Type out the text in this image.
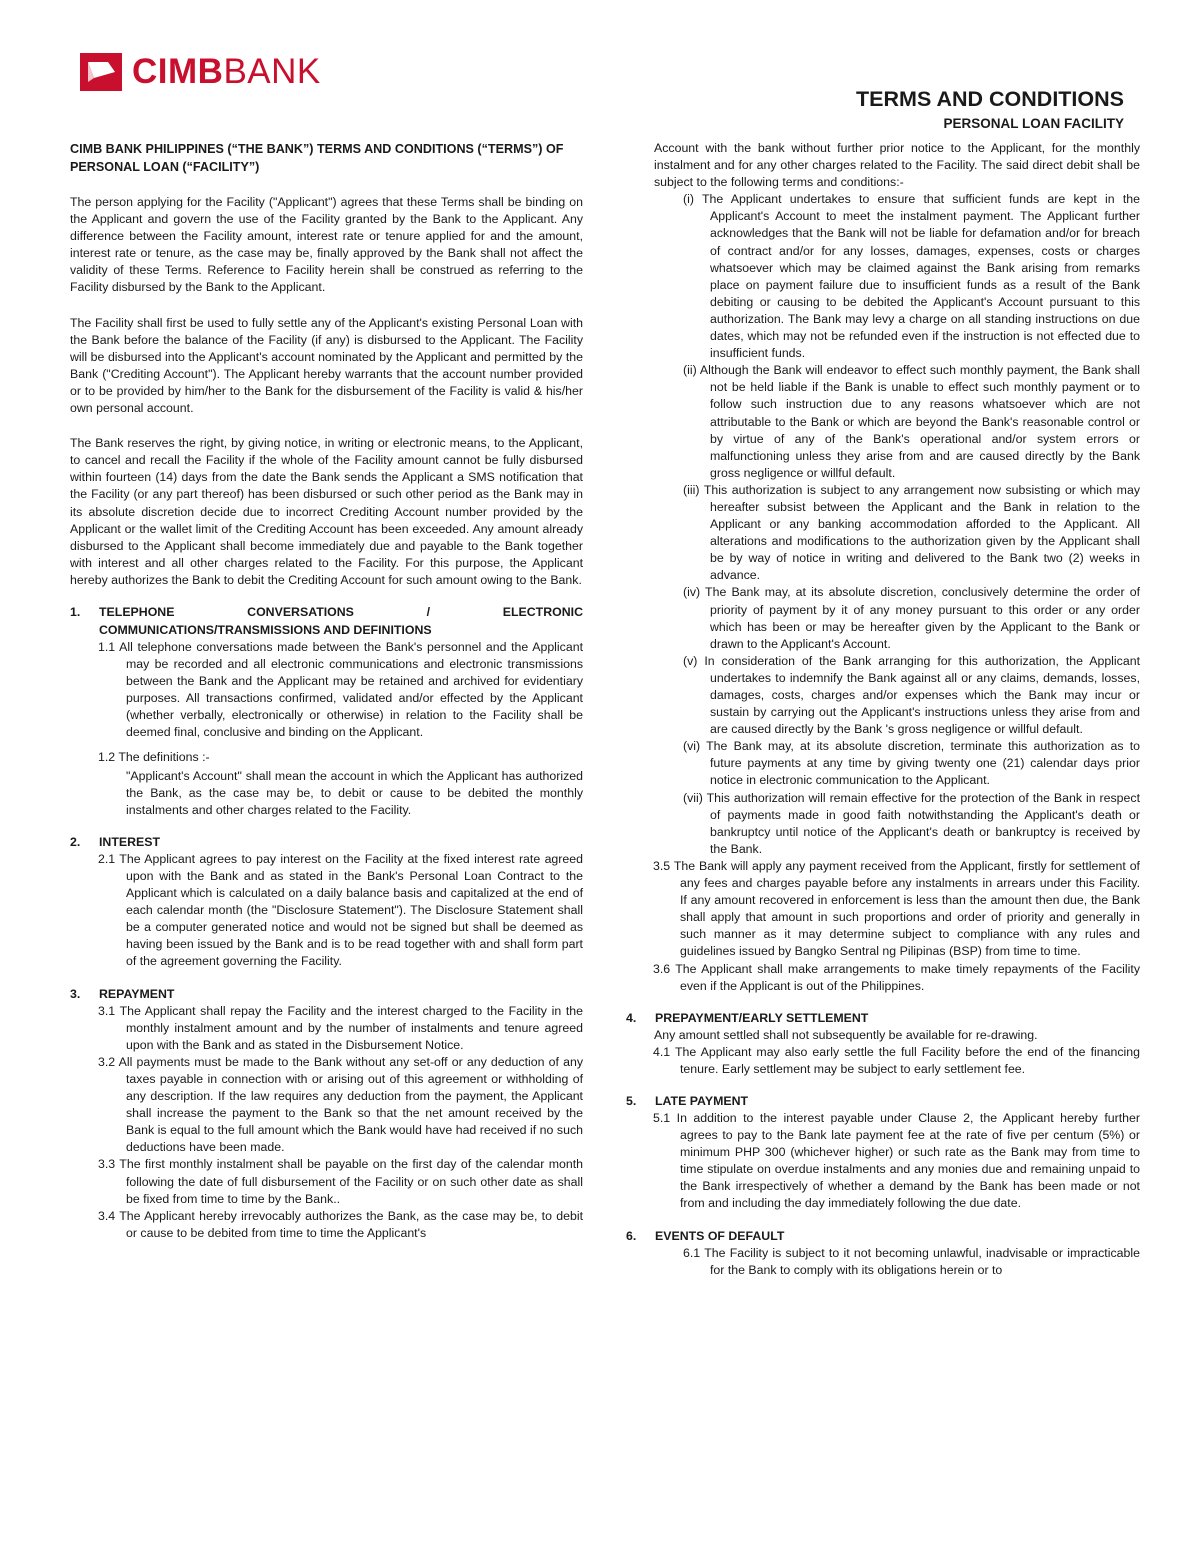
CIMBBANK
TERMS AND CONDITIONS
PERSONAL LOAN FACILITY

CIMB BANK PHILIPPINES (“THE BANK”) TERMS AND CONDITIONS (“TERMS”) OF PERSONAL LOAN (“FACILITY”)

The person applying for the Facility ("Applicant") agrees that these Terms shall be binding on the Applicant and govern the use of the Facility granted by the Bank to the Applicant. Any difference between the Facility amount, interest rate or tenure applied for and the amount, interest rate or tenure, as the case may be, finally approved by the Bank shall not affect the validity of these Terms. Reference to Facility herein shall be construed as referring to the Facility disbursed by the Bank to the Applicant.

The Facility shall first be used to fully settle any of the Applicant's existing Personal Loan with the Bank before the balance of the Facility (if any) is disbursed to the Applicant. The Facility will be disbursed into the Applicant's account nominated by the Applicant and permitted by the Bank ("Crediting Account"). The Applicant hereby warrants that the account number provided or to be provided by him/her to the Bank for the disbursement of the Facility is valid & his/her own personal account.

The Bank reserves the right, by giving notice, in writing or electronic means, to the Applicant, to cancel and recall the Facility if the whole of the Facility amount cannot be fully disbursed within fourteen (14) days from the date the Bank sends the Applicant a SMS notification that the Facility (or any part thereof) has been disbursed or such other period as the Bank may in its absolute discretion decide due to incorrect Crediting Account number provided by the Applicant or the wallet limit of the Crediting Account has been exceeded. Any amount already disbursed to the Applicant shall become immediately due and payable to the Bank together with interest and all other charges related to the Facility. For this purpose, the Applicant hereby authorizes the Bank to debit the Crediting Account for such amount owing to the Bank.

1.	TELEPHONE CONVERSATIONS / ELECTRONIC COMMUNICATIONS/TRANSMISSIONS AND DEFINITIONS

1.1 All telephone conversations made between the Bank's personnel and the Applicant may be recorded and all electronic communications and electronic transmissions between the Bank and the Applicant may be retained and archived for evidentiary purposes. All transactions confirmed, validated and/or effected by the Applicant (whether verbally, electronically or otherwise) in relation to the Facility shall be deemed final, conclusive and binding on the Applicant.

1.2 The definitions :-

"Applicant's Account" shall mean the account in which the Applicant has authorized the Bank, as the case may be, to debit or cause to be debited the monthly instalments and other charges related to the Facility.

2.	INTEREST

2.1 The Applicant agrees to pay interest on the Facility at the fixed interest rate agreed upon with the Bank and as stated in the Bank's Personal Loan Contract to the Applicant which is calculated on a daily balance basis and capitalized at the end of each calendar month (the "Disclosure Statement"). The Disclosure Statement shall be a computer generated notice and would not be signed but shall be deemed as having been issued by the Bank and is to be read together with and shall form part of the agreement governing the Facility.

3.	REPAYMENT

3.1 The Applicant shall repay the Facility and the interest charged to the Facility in the monthly instalment amount and by the number of instalments and tenure agreed upon with the Bank and as stated in the Disbursement Notice.

3.2 All payments must be made to the Bank without any set-off or any deduction of any taxes payable in connection with or arising out of this agreement or withholding of any description. If the law requires any deduction from the payment, the Applicant shall increase the payment to the Bank so that the net amount received by the Bank is equal to the full amount which the Bank would have had received if no such deductions have been made.

3.3 The first monthly instalment shall be payable on the first day of the calendar month following the date of full disbursement of the Facility or on such other date as shall be fixed from time to time by the Bank..

3.4 The Applicant hereby irrevocably authorizes the Bank, as the case may be, to debit or cause to be debited from time to time the Applicant's

Account with the bank without further prior notice to the Applicant, for the monthly instalment and for any other charges related to the Facility. The said direct debit shall be subject to the following terms and conditions:-

(i) The Applicant undertakes to ensure that sufficient funds are kept in the Applicant's Account to meet the instalment payment. The Applicant further acknowledges that the Bank will not be liable for defamation and/or for breach of contract and/or for any losses, damages, expenses, costs or charges whatsoever which may be claimed against the Bank arising from remarks place on payment failure due to insufficient funds as a result of the Bank debiting or causing to be debited the Applicant's Account pursuant to this authorization. The Bank may levy a charge on all standing instructions on due dates, which may not be refunded even if the instruction is not effected due to insufficient funds.

(ii) Although the Bank will endeavor to effect such monthly payment, the Bank shall not be held liable if the Bank is unable to effect such monthly payment or to follow such instruction due to any reasons whatsoever which are not attributable to the Bank or which are beyond the Bank's reasonable control or by virtue of any of the Bank's operational and/or system errors or malfunctioning unless they arise from and are caused directly by the Bank gross negligence or willful default.

(iii) This authorization is subject to any arrangement now subsisting or which may hereafter subsist between the Applicant and the Bank in relation to the Applicant or any banking accommodation afforded to the Applicant. All alterations and modifications to the authorization given by the Applicant shall be by way of notice in writing and delivered to the Bank two (2) weeks in advance.

(iv) The Bank may, at its absolute discretion, conclusively determine the order of priority of payment by it of any money pursuant to this order or any order which has been or may be hereafter given by the Applicant to the Bank or drawn to the Applicant's Account.

(v) In consideration of the Bank arranging for this authorization, the Applicant undertakes to indemnify the Bank against all or any claims, demands, losses, damages, costs, charges and/or expenses which the Bank may incur or sustain by carrying out the Applicant's instructions unless they arise from and are caused directly by the Bank 's gross negligence or willful default.

(vi) The Bank may, at its absolute discretion, terminate this authorization as to future payments at any time by giving twenty one (21) calendar days prior notice in electronic communication to the Applicant.

(vii) This authorization will remain effective for the protection of the Bank in respect of payments made in good faith notwithstanding the Applicant's death or bankruptcy until notice of the Applicant's death or bankruptcy is received by the Bank.

3.5 The Bank will apply any payment received from the Applicant, firstly for settlement of any fees and charges payable before any instalments in arrears under this Facility. If any amount recovered in enforcement is less than the amount then due, the Bank shall apply that amount in such proportions and order of priority and generally in such manner as it may determine subject to compliance with any rules and guidelines issued by Bangko Sentral ng Pilipinas (BSP) from time to time.

3.6 The Applicant shall make arrangements to make timely repayments of the Facility even if the Applicant is out of the Philippines.

4.	PREPAYMENT/EARLY SETTLEMENT

Any amount settled shall not subsequently be available for re-drawing.

4.1 The Applicant may also early settle the full Facility before the end of the financing tenure. Early settlement may be subject to early settlement fee.

5.	LATE PAYMENT

5.1 In addition to the interest payable under Clause 2, the Applicant hereby further agrees to pay to the Bank late payment fee at the rate of five per centum (5%) or minimum PHP 300 (whichever higher) or such rate as the Bank may from time to time stipulate on overdue instalments and any monies due and remaining unpaid to the Bank irrespectively of whether a demand by the Bank has been made or not from and including the day immediately following the due date.

6.	EVENTS OF DEFAULT

6.1 The Facility is subject to it not becoming unlawful, inadvisable or impracticable for the Bank to comply with its obligations herein or to
